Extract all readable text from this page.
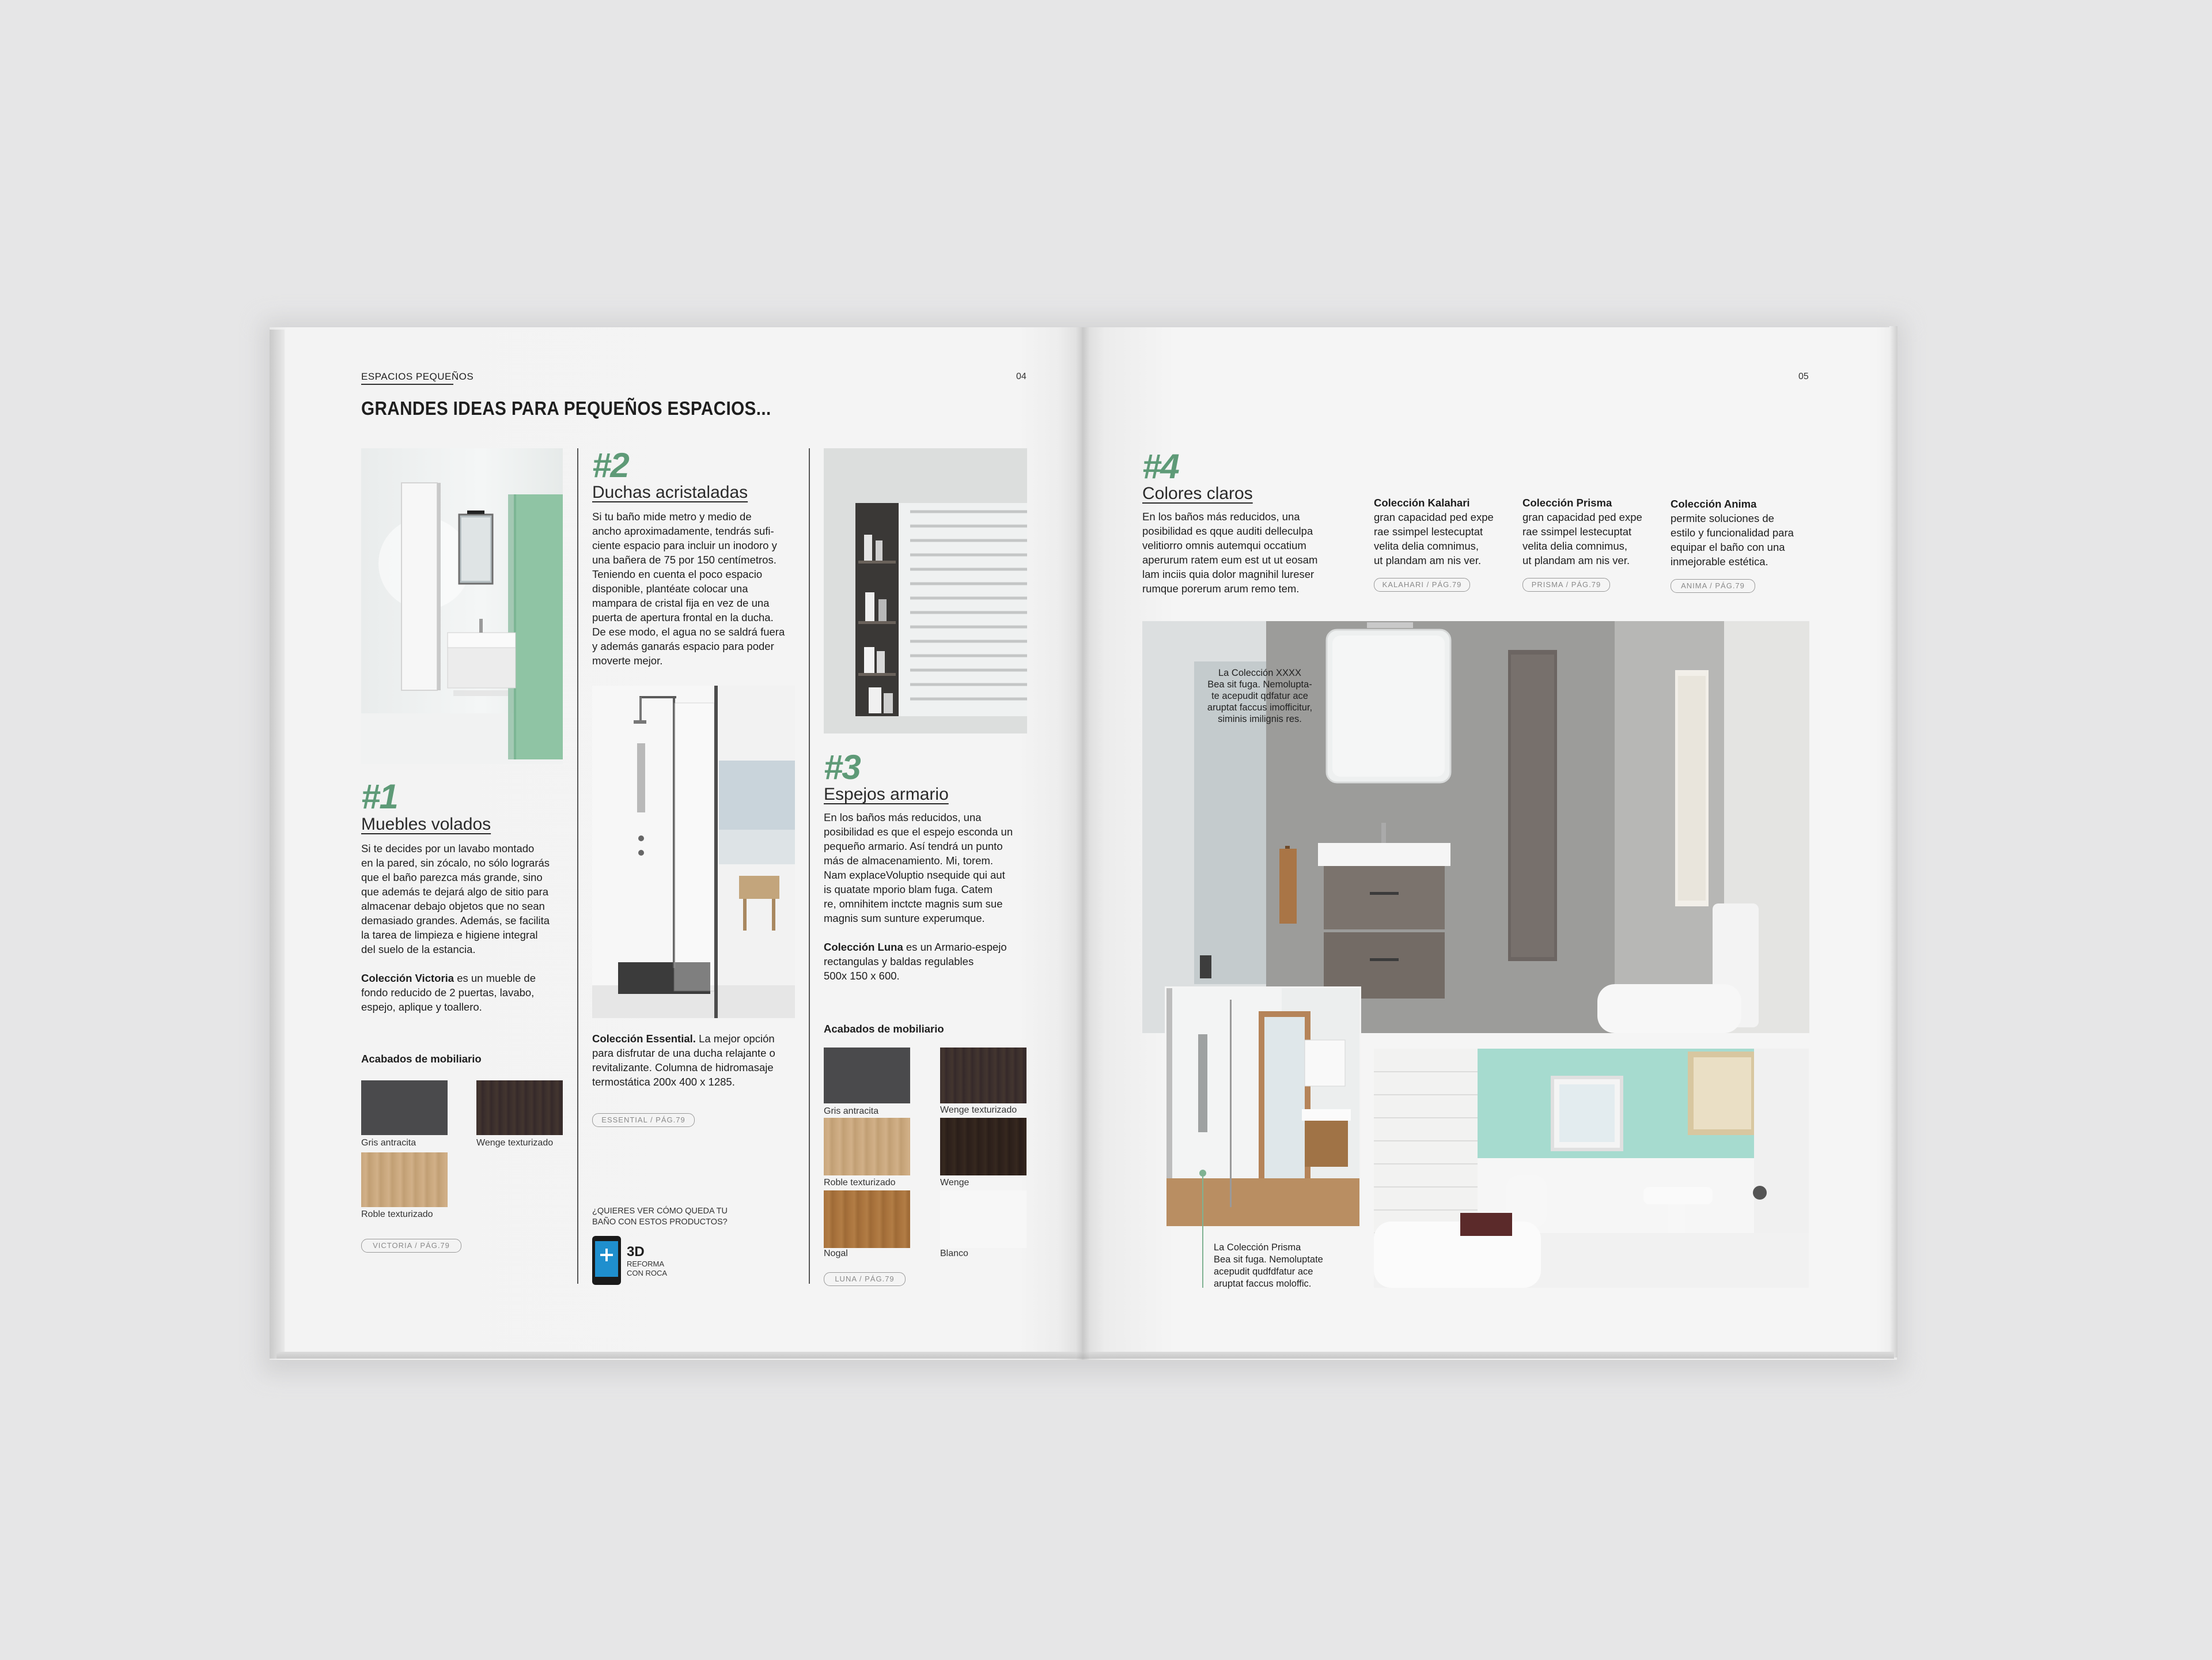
ESPACIOS PEQUEÑOS	04
GRANDES IDEAS PARA PEQUEÑOS ESPACIOS...
#1
Muebles volados
Si te decides por un lavabo montado
en la pared, sin zócalo, no sólo lograrás
que el baño parezca más grande, sino
que además te dejará algo de sitio para
almacenar debajo objetos que no sean
demasiado grandes. Además, se facilita
la tarea de limpieza e higiene integral
del suelo de la estancia.
Colección Victoria es un mueble de
fondo reducido de 2 puertas, lavabo,
espejo, aplique y toallero.
Acabados de mobiliario
Gris antracita	Wenge texturizado
Roble texturizado
VICTORIA / PÁG.79
#2
Duchas acristaladas
Si tu baño mide metro y medio de
ancho aproximadamente, tendrás sufi-
ciente espacio para incluir un inodoro y
una bañera de 75 por 150 centímetros.
Teniendo en cuenta el poco espacio
disponible, plantéate colocar una
mampara de cristal fija en vez de una
puerta de apertura frontal en la ducha.
De ese modo, el agua no se saldrá fuera
y además ganarás espacio para poder
moverte mejor.
Colección Essential. La mejor opción
para disfrutar de una ducha relajante o
revitalizante. Columna de hidromasaje
termostática 200x 400 x 1285.
ESSENTIAL / PÁG.79
¿QUIERES VER CÓMO QUEDA TU
BAÑO CON ESTOS PRODUCTOS?
3D
REFORMA
CON ROCA
#3
Espejos armario
En los baños más reducidos, una
posibilidad es que el espejo esconda un
pequeño armario. Así tendrá un punto
más de almacenamiento. Mi, torem.
Nam explaceVoluptio nsequide qui aut
is quatate mporio blam fuga. Catem
re, omnihitem inctcte magnis sum sue
magnis sum sunture experumque.
Colección Luna es un Armario-espejo
rectangulas y baldas regulables
500x 150 x 600.
Acabados de mobiliario
Gris antracita	Wenge texturizado
Roble texturizado	Wenge
Nogal	Blanco
LUNA / PÁG.79
05
#4
Colores claros
En los baños más reducidos, una
posibilidad es qque auditi delleculpa
velitiorro omnis autemqui occatium
aperurum ratem eum est ut ut eosam
lam inciis quia dolor magnihil lureser
rumque porerum arum remo tem.
Colección Kalahari
gran capacidad ped expe
rae ssimpel lestecuptat
velita delia comnimus,
ut plandam am nis ver.
KALAHARI / PÁG.79
Colección Prisma
gran capacidad ped expe
rae ssimpel lestecuptat
velita delia comnimus,
ut plandam am nis ver.
PRISMA / PÁG.79
Colección Anima
permite soluciones de
estilo y funcionalidad para
equipar el baño con una
inmejorable estética.
ANIMA / PÁG.79
La Colección XXXX
Bea sit fuga. Nemolupta-
te acepudit qdfatur ace
aruptat faccus imofficitur,
siminis imilignis res.
La Colección Prisma
Bea sit fuga. Nemoluptate
acepudit qudfdfatur ace
aruptat faccus moloffic.
